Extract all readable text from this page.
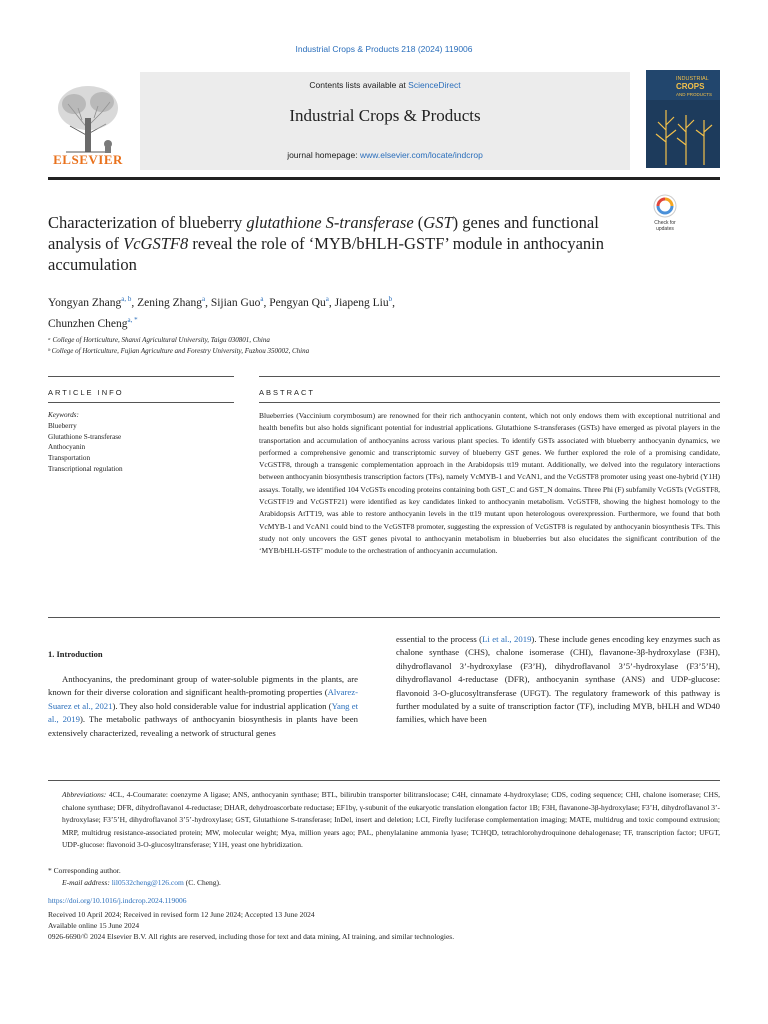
Industrial Crops & Products 218 (2024) 119006
ELSEVIER
Contents lists available at ScienceDirect
Industrial Crops & Products
journal homepage: www.elsevier.com/locate/indcrop
INDUSTRIAL
CROPS
AND PRODUCTS
Check for
updates
Characterization of blueberry glutathione S-transferase (GST) genes and functional analysis of VcGSTF8 reveal the role of ‘MYB/bHLH-GSTF’ module in anthocyanin accumulation
Yongyan Zhang$^{a, b}$, Zening Zhang$^a$, Sijian Guo$^a$, Pengyan Qu$^a$, Jiapeng Liu$^b$,
Chunzhen Cheng$^{a, *}$
ᵃ College of Horticulture, Shanxi Agricultural University, Taigu 030801, China
ᵇ College of Horticulture, Fujian Agriculture and Forestry University, Fuzhou 350002, China
ARTICLE INFO	ABSTRACT
Keywords:
Blueberry
Glutathione S-transferase
Anthocyanin
Transportation
Transcriptional regulation
Blueberries (Vaccinium corymbosum) are renowned for their rich anthocyanin content, which not only endows them with exceptional nutritional and health benefits but also holds significant potential for industrial applications. Glutathione S-transferases (GSTs) have emerged as pivotal players in the transportation and accumulation of anthocyanins across various plant species. To identify GSTs associated with blueberry anthocyanin dynamics, we performed a comprehensive genomic and transcriptomic survey of blueberry GST genes. We further explored the role of a promising candidate, VcGSTF8, through a transgenic complementation approach in the Arabidopsis tt19 mutant. Additionally, we delved into the regulatory interactions between anthocyanin biosynthesis transcription factors (TFs), namely VcMYB-1 and VcAN1, and the VcGSTF8 promoter using yeast one-hybrid (Y1H) assays. Totally, we identified 104 VcGSTs encoding proteins containing both GST_C and GST_N domains. Three Phi (F) subfamily VcGSTs (VcGSTF8, VcGSTF19 and VcGSTF21) were identified as key candidates linked to anthocyanin metabolism. VcGSTF8, showing the highest homology to the Arabidopsis AtTT19, was able to restore anthocyanin levels in the tt19 mutant upon heterologous overexpression. Furthermore, we found that both VcMYB-1 and VcAN1 could bind to the VcGSTF8 promoter, suggesting the expression of VcGSTF8 is regulated by anthocyanin biosynthesis TFs. This study not only uncovers the GST genes pivotal to anthocyanin metabolism in blueberries but also elucidates the significant contribution of the ‘MYB/bHLH-GSTF’ module to the orchestration of anthocyanin accumulation.
1. Introduction
Anthocyanins, the predominant group of water-soluble pigments in the plants, are known for their diverse coloration and significant health-promoting properties (Alvarez-Suarez et al., 2021). They also hold considerable value for industrial application (Yang et al., 2019). The metabolic pathways of anthocyanin biosynthesis in plants have been extensively characterized, revealing a network of structural genes
essential to the process (Li et al., 2019). These include genes encoding key enzymes such as chalone synthase (CHS), chalone isomerase (CHI), flavanone-3β-hydroxylase (F3H), dihydroflavanol 3’-hydroxylase (F3’H), dihydroflavanol 3’5’-hydroxylase (F3’5’H), dihydroflavanol 4-reductase (DFR), anthocyanin synthase (ANS) and UDP-glucose: flavonoid 3-O-glucosyltransferase (UFGT). The regulatory framework of this pathway is further modulated by a suite of transcription factor (TF), including MYB, bHLH and WD40 families, which have been
Abbreviations: 4CL, 4-Coumarate: coenzyme A ligase; ANS, anthocyanin synthase; BTL, bilirubin transporter bilitranslocase; C4H, cinnamate 4-hydroxylase; CDS, coding sequence; CHI, chalone isomerase; CHS, chalone synthase; DFR, dihydroflavanol 4-reductase; DHAR, dehydroascorbate reductase; EF1bγ, γ-subunit of the eukaryotic translation elongation factor 1B; F3H, flavanone-3β-hydroxylase; F3’H, dihydroflavanol 3’-hydroxylase; F3’5’H, dihydroflavanol 3’5’-hydroxylase; GST, Glutathione S-transferase; InDel, insert and deletion; LCI, Firefly luciferase complementation imaging; MATE, multidrug and toxic compound extrusion; MRP, multidrug resistance-associated protein; MW, molecular weight; Mya, million years ago; PAL, phenylalanine ammonia lyase; TCHQD, tetrachlorohydroquinone dehalogenase; TF, transcription factor; UFGT, UDP-glucose: flavonoid 3-O-glucosyltransferase; Y1H, yeast one hybridization.
* Corresponding author.
E-mail address: lil0532cheng@126.com (C. Cheng).
https://doi.org/10.1016/j.indcrop.2024.119006
Received 10 April 2024; Received in revised form 12 June 2024; Accepted 13 June 2024
Available online 15 June 2024
0926-6690/© 2024 Elsevier B.V. All rights are reserved, including those for text and data mining, AI training, and similar technologies.
